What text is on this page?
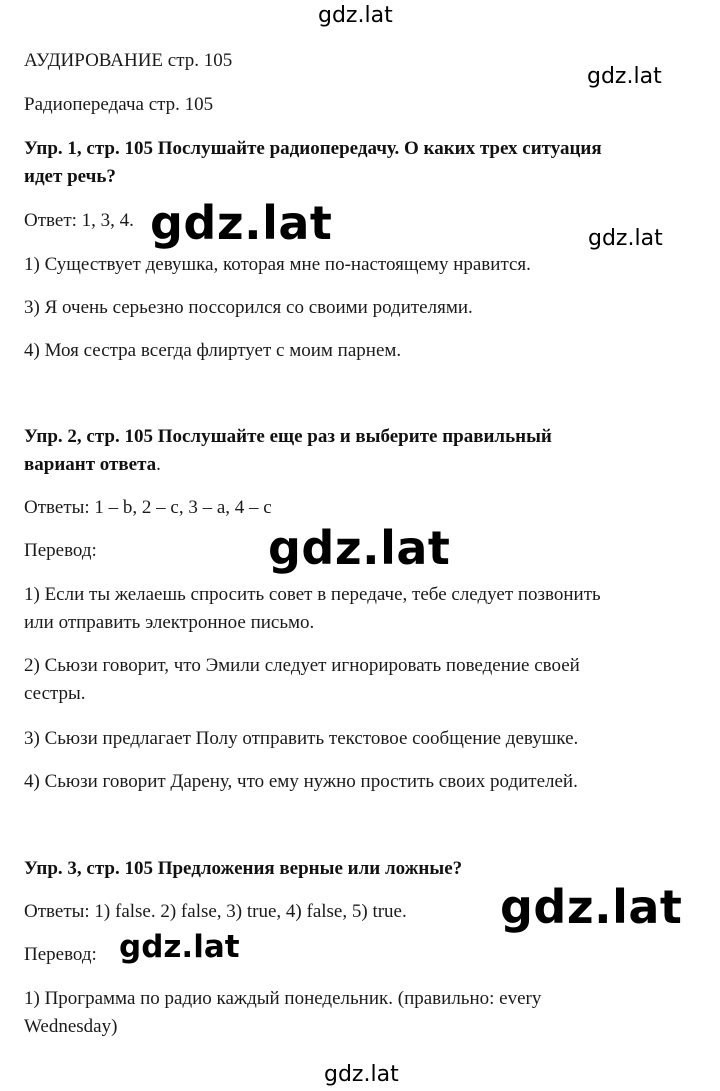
АУДИРОВАНИЕ стр. 105

Радиопередача стр. 105

Упр. 1, стр. 105 Послушайте радиопередачу. О каких трех ситуация

идет речь?

Ответ: 1, 3, 4.

1) Существует девушка, которая мне по-настоящему нравится.

3) Я очень серьезно поссорился со своими родителями.

4) Моя сестра всегда флиртует с моим парнем.

Упр. 2, стр. 105 Послушайте еще раз и выберите правильный

вариант ответа.

Ответы: 1 – b, 2 – c, 3 – a, 4 – c

Перевод:

1) Если ты желаешь спросить совет в передаче, тебе следует позвонить

или отправить электронное письмо.

2) Сьюзи говорит, что Эмили следует игнорировать поведение своей

сестры.

3) Сьюзи предлагает Полу отправить текстовое сообщение девушке.

4) Сьюзи говорит Дарену, что ему нужно простить своих родителей.

Упр. 3, стр. 105 Предложения верные или ложные?

Ответы: 1) false. 2) false, 3) true, 4) false, 5) true.

Перевод:

1) Программа по радио каждый понедельник. (правильно: every

Wednesday)

gdz.lat
gdz.lat
gdz.lat	gdz.lat
gdz.lat
gdz.lat
gdz.lat
gdz.lat
